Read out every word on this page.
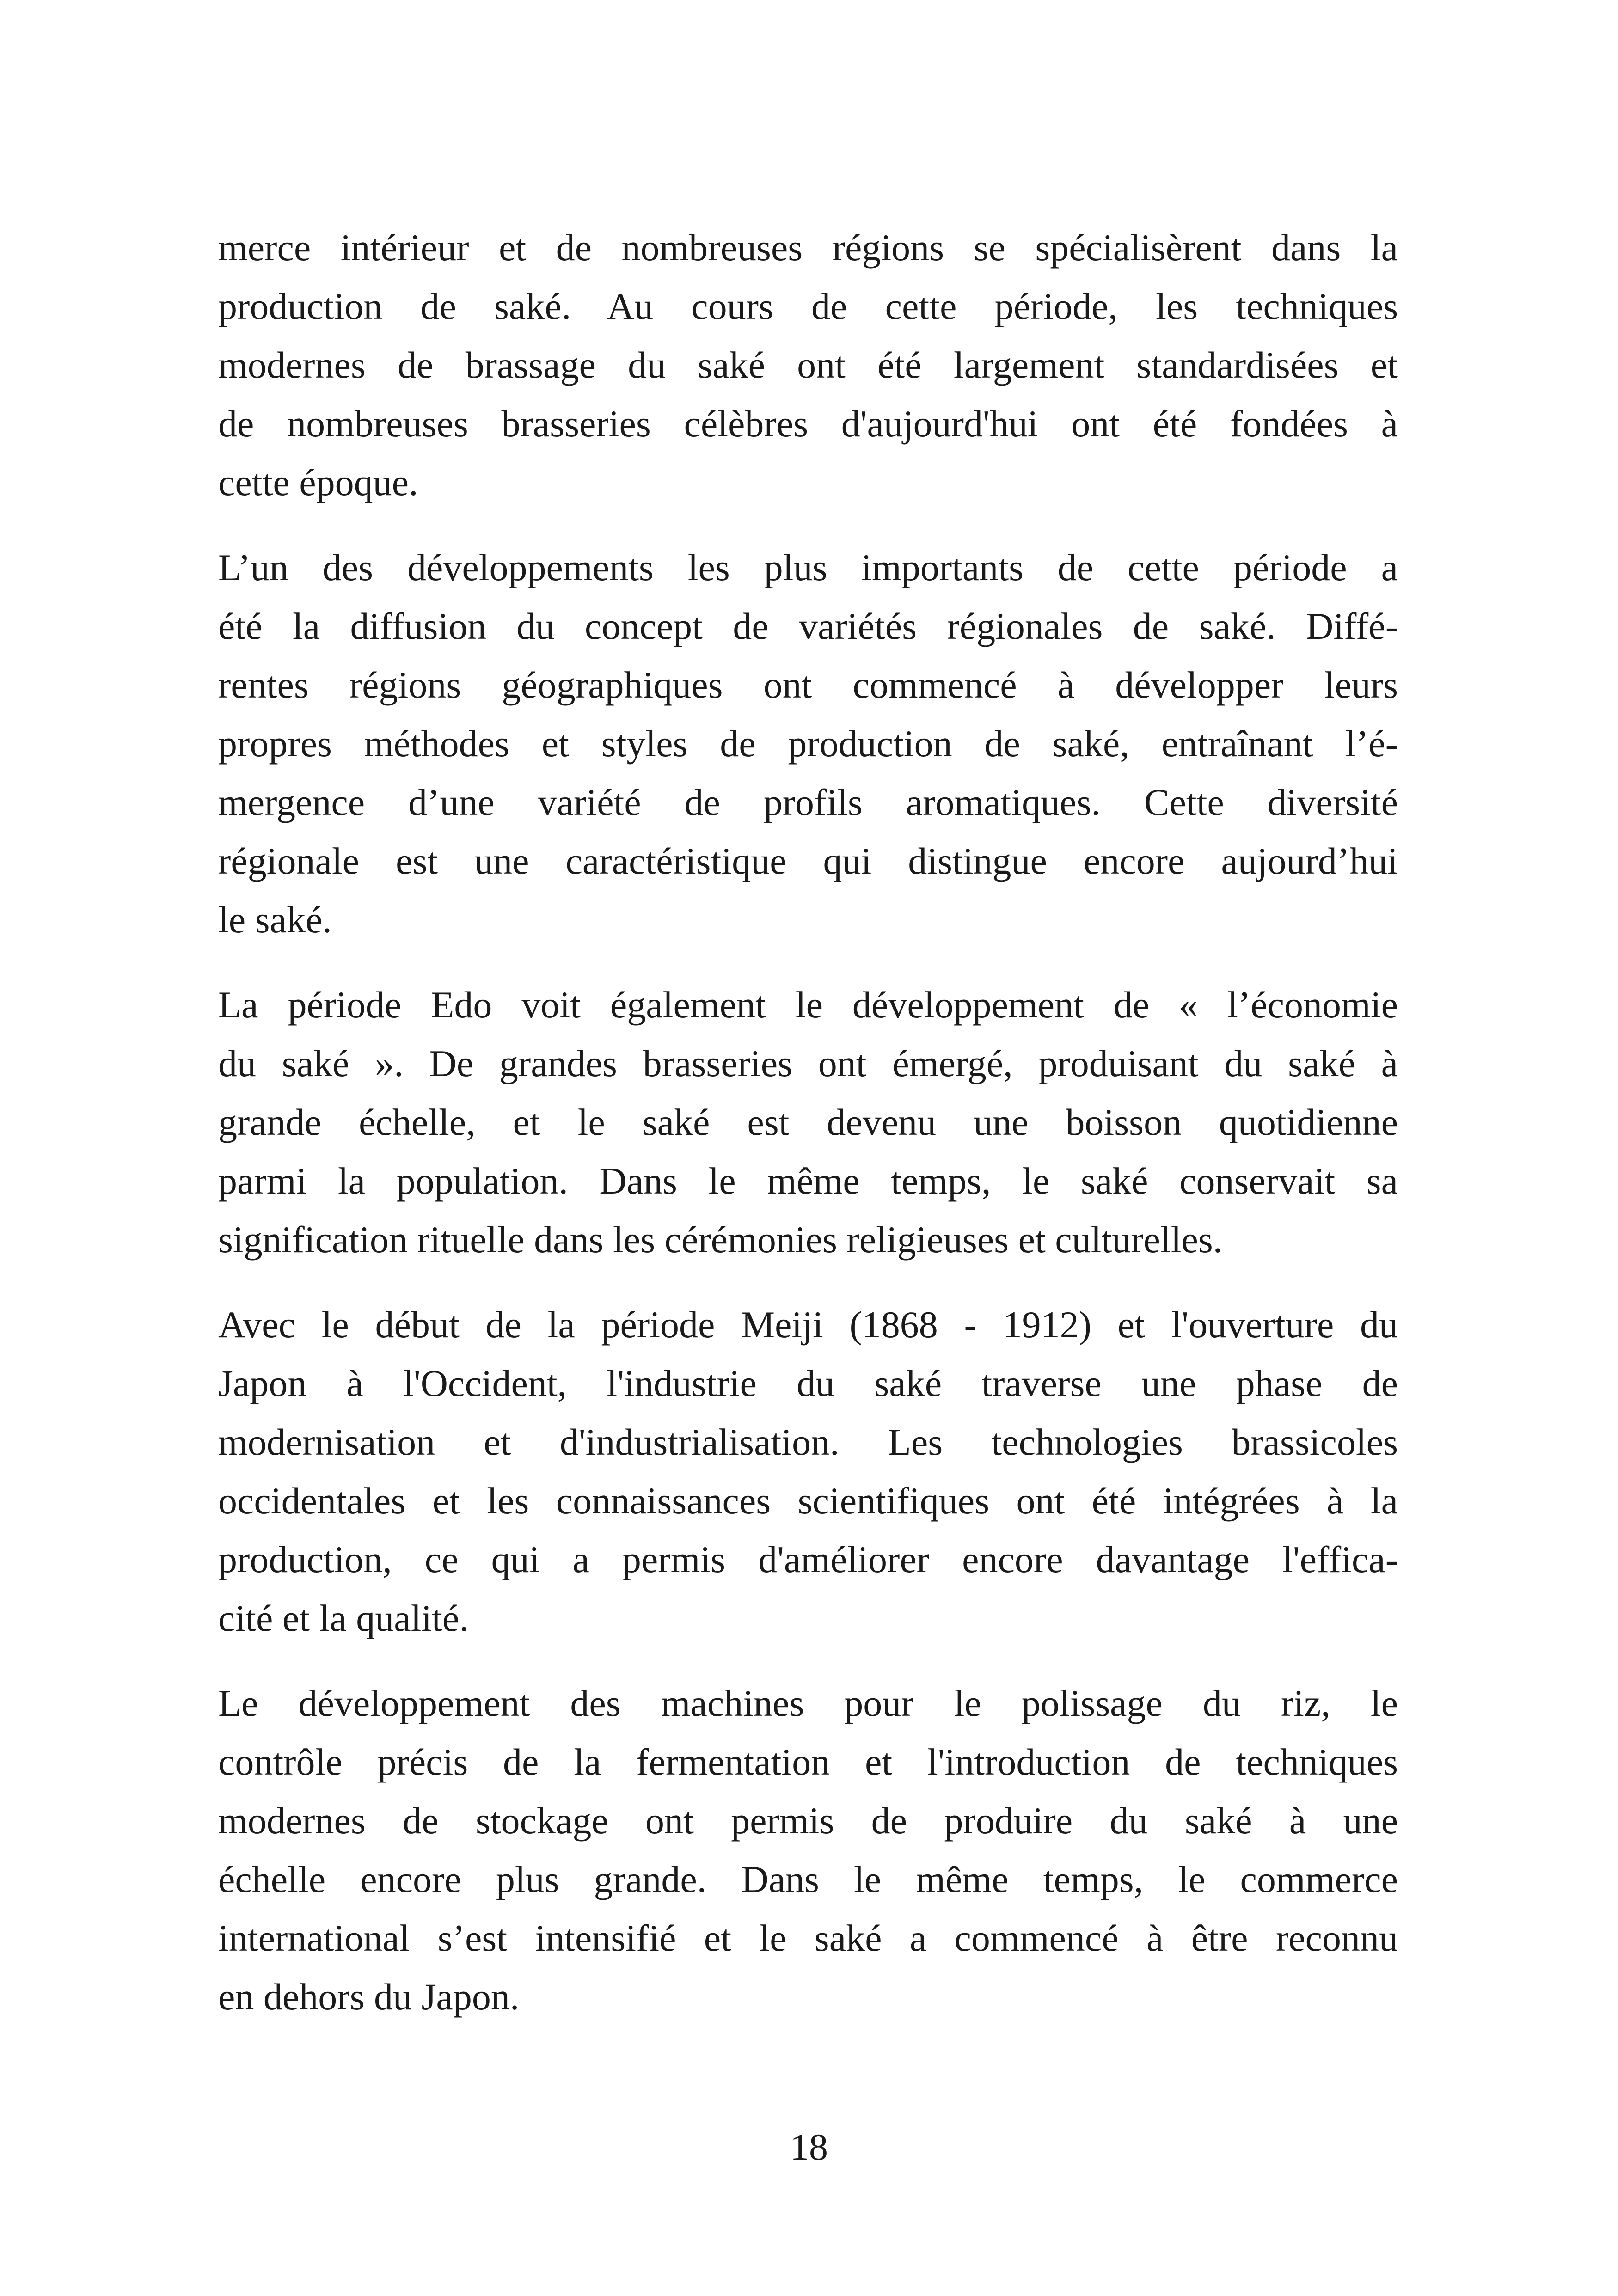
merce intérieur et de nombreuses régions se spécialisèrent dans la
production de saké. Au cours de cette période, les techniques
modernes de brassage du saké ont été largement standardisées et
de nombreuses brasseries célèbres d'aujourd'hui ont été fondées à
cette époque.
L’un des développements les plus importants de cette période a
été la diffusion du concept de variétés régionales de saké. Diffé-
rentes régions géographiques ont commencé à développer leurs
propres méthodes et styles de production de saké, entraînant l’é-
mergence d’une variété de profils aromatiques. Cette diversité
régionale est une caractéristique qui distingue encore aujourd’hui
le saké.
La période Edo voit également le développement de « l’économie
du saké ». De grandes brasseries ont émergé, produisant du saké à
grande échelle, et le saké est devenu une boisson quotidienne
parmi la population. Dans le même temps, le saké conservait sa
signification rituelle dans les cérémonies religieuses et culturelles.
Avec le début de la période Meiji (1868 - 1912) et l'ouverture du
Japon à l'Occident, l'industrie du saké traverse une phase de
modernisation et d'industrialisation. Les technologies brassicoles
occidentales et les connaissances scientifiques ont été intégrées à la
production, ce qui a permis d'améliorer encore davantage l'effica-
cité et la qualité.
Le développement des machines pour le polissage du riz, le
contrôle précis de la fermentation et l'introduction de techniques
modernes de stockage ont permis de produire du saké à une
échelle encore plus grande. Dans le même temps, le commerce
international s’est intensifié et le saké a commencé à être reconnu
en dehors du Japon.
18
